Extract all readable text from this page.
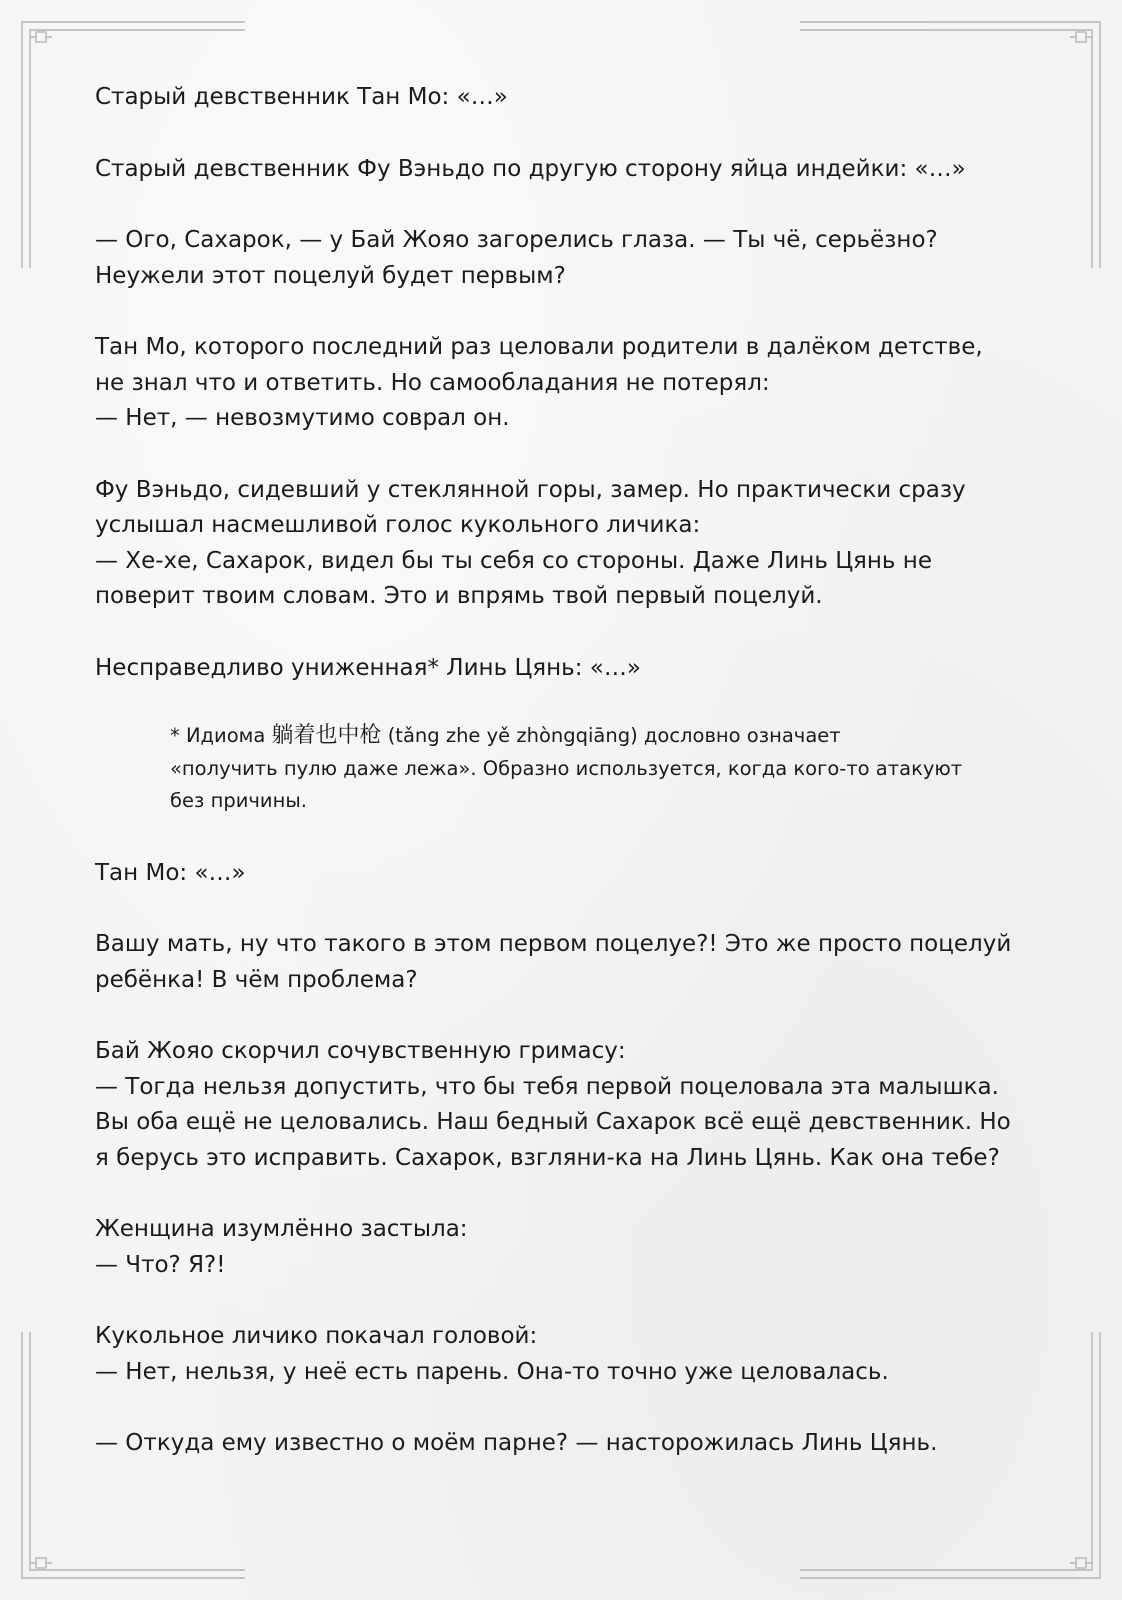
Старый девственник Тан Мо: «…»
Старый девственник Фу Вэньдо по другую сторону яйца индейки: «…»
— Ого, Сахарок, — у Бай Жояо загорелись глаза. — Ты чё, серьёзно?
Неужели этот поцелуй будет первым?
Тан Мо, которого последний раз целовали родители в далёком детстве,
не знал что и ответить. Но самообладания не потерял:
— Нет, — невозмутимо соврал он.
Фу Вэньдо, сидевший у стеклянной горы, замер. Но практически сразу
услышал насмешливой голос кукольного личика:
— Хе-хе, Сахарок, видел бы ты себя со стороны. Даже Линь Цянь не
поверит твоим словам. Это и впрямь твой первый поцелуй.
Несправедливо униженная* Линь Цянь: «…»
* Идиома 躺着也中枪 (tǎng zhe yě zhòngqiāng) дословно означает
«получить пулю даже лежа». Образно используется, когда кого-то атакуют
без причины.
Тан Мо: «…»
Вашу мать, ну что такого в этом первом поцелуе?! Это же просто поцелуй
ребёнка! В чём проблема?
Бай Жояо скорчил сочувственную гримасу:
— Тогда нельзя допустить, что бы тебя первой поцеловала эта малышка.
Вы оба ещё не целовались. Наш бедный Сахарок всё ещё девственник. Но
я берусь это исправить. Сахарок, взгляни-ка на Линь Цянь. Как она тебе?
Женщина изумлённо застыла:
— Что? Я?!
Кукольное личико покачал головой:
— Нет, нельзя, у неё есть парень. Она-то точно уже целовалась.
— Откуда ему известно о моём парне? — насторожилась Линь Цянь.
